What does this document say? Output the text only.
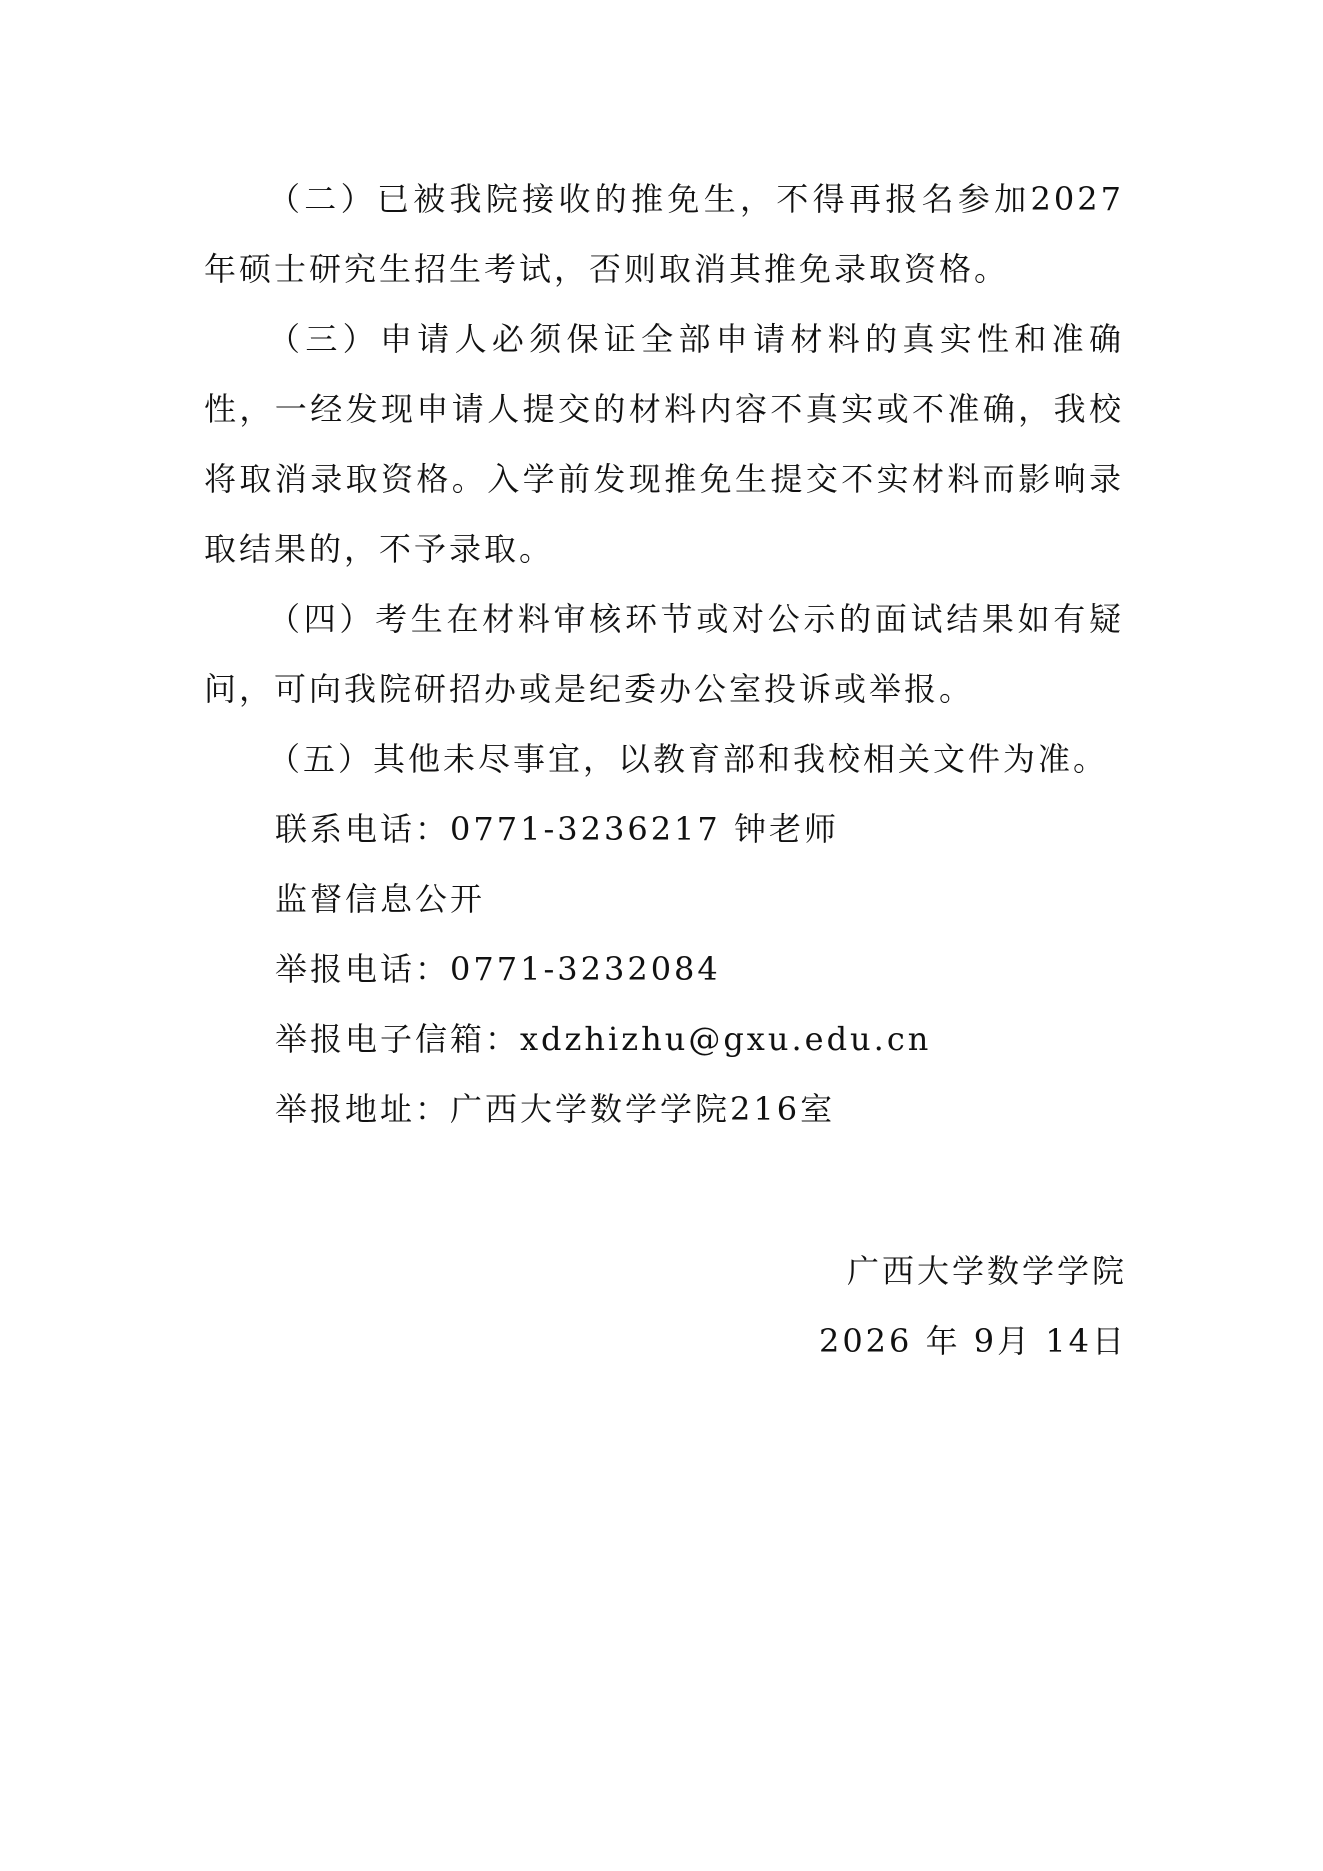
（二）已被我院接收的推免生，不得再报名参加2027年硕士研究生招生考试，否则取消其推免录取资格。

（三）申请人必须保证全部申请材料的真实性和准确性，一经发现申请人提交的材料内容不真实或不准确，我校将取消录取资格。入学前发现推免生提交不实材料而影响录取结果的，不予录取。

（四）考生在材料审核环节或对公示的面试结果如有疑问，可向我院研招办或是纪委办公室投诉或举报。

（五）其他未尽事宜，以教育部和我校相关文件为准。

联系电话：0771-3236217 钟老师

监督信息公开

举报电话：0771-3232084

举报电子信箱：xdzhizhu@gxu.edu.cn

举报地址：广西大学数学学院216室

广西大学数学学院
2026 年 9月 14日
